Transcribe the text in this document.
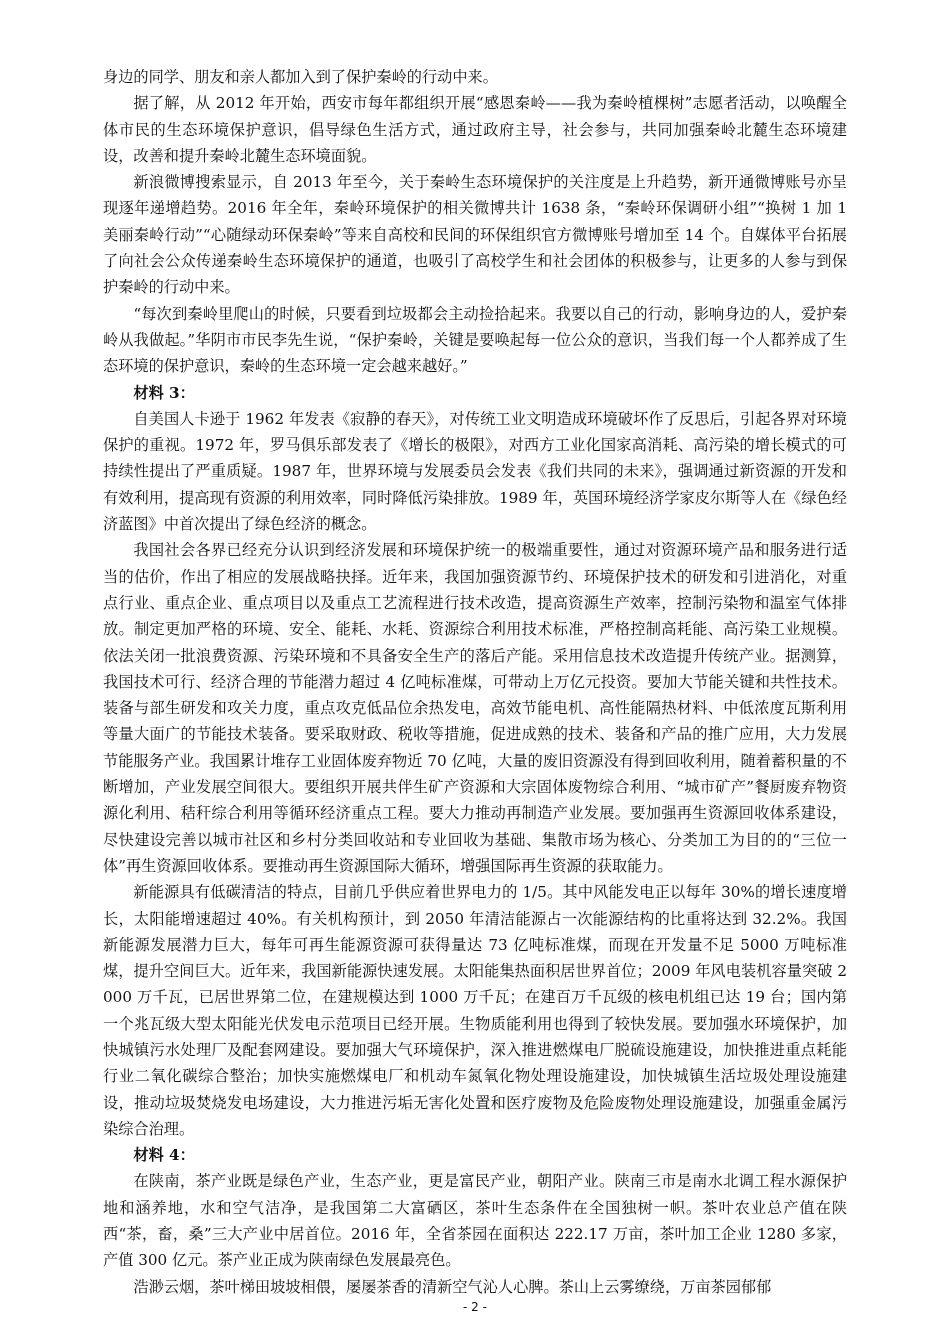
身边的同学、朋友和亲人都加入到了保护秦岭的行动中来。

据了解，从 2012 年开始，西安市每年都组织开展“感恩秦岭——我为秦岭植棵树”志愿者活动，以唤醒全体市民的生态环境保护意识，倡导绿色生活方式，通过政府主导，社会参与，共同加强秦岭北麓生态环境建设，改善和提升秦岭北麓生态环境面貌。

新浪微博搜索显示，自 2013 年至今，关于秦岭生态环境保护的关注度是上升趋势，新开通微博账号亦呈现逐年递增趋势。2016 年全年，秦岭环境保护的相关微博共计 1638 条，“秦岭环保调研小组”“换树 1 加 1 美丽秦岭行动”“心随绿动环保秦岭”等来自高校和民间的环保组织官方微博账号增加至 14 个。自媒体平台拓展了向社会公众传递秦岭生态环境保护的通道，也吸引了高校学生和社会团体的积极参与，让更多的人参与到保护秦岭的行动中来。

“每次到秦岭里爬山的时候，只要看到垃圾都会主动捡拾起来。我要以自己的行动，影响身边的人，爱护秦岭从我做起。”华阴市市民李先生说，“保护秦岭，关键是要唤起每一位公众的意识，当我们每一个人都养成了生态环境的保护意识，秦岭的生态环境一定会越来越好。”

材料 3：

自美国人卡逊于 1962 年发表《寂静的春天》，对传统工业文明造成环境破坏作了反思后，引起各界对环境保护的重视。1972 年，罗马俱乐部发表了《增长的极限》，对西方工业化国家高消耗、高污染的增长模式的可持续性提出了严重质疑。1987 年，世界环境与发展委员会发表《我们共同的未来》，强调通过新资源的开发和有效利用，提高现有资源的利用效率，同时降低污染排放。1989 年，英国环境经济学家皮尔斯等人在《绿色经济蓝图》中首次提出了绿色经济的概念。

我国社会各界已经充分认识到经济发展和环境保护统一的极端重要性，通过对资源环境产品和服务进行适当的估价，作出了相应的发展战略抉择。近年来，我国加强资源节约、环境保护技术的研发和引进消化，对重点行业、重点企业、重点项目以及重点工艺流程进行技术改造，提高资源生产效率，控制污染物和温室气体排放。制定更加严格的环境、安全、能耗、水耗、资源综合利用技术标准，严格控制高耗能、高污染工业规模。依法关闭一批浪费资源、污染环境和不具备安全生产的落后产能。采用信息技术改造提升传统产业。据测算，我国技术可行、经济合理的节能潜力超过 4 亿吨标准煤，可带动上万亿元投资。要加大节能关键和共性技术。装备与部生研发和攻关力度，重点攻克低品位余热发电，高效节能电机、高性能隔热材料、中低浓度瓦斯利用等量大面广的节能技术装备。要采取财政、税收等措施，促进成熟的技术、装备和产品的推广应用，大力发展节能服务产业。我国累计堆存工业固体废弃物近 70 亿吨，大量的废旧资源没有得到回收利用，随着蓄积量的不断增加，产业发展空间很大。要组织开展共伴生矿产资源和大宗固体废物综合利用、“城市矿产”餐厨废弃物资源化利用、秸秆综合利用等循环经济重点工程。要大力推动再制造产业发展。要加强再生资源回收体系建设，尽快建设完善以城市社区和乡村分类回收站和专业回收为基础、集散市场为核心、分类加工为目的的“三位一体”再生资源回收体系。要推动再生资源国际大循环，增强国际再生资源的获取能力。

新能源具有低碳清洁的特点，目前几乎供应着世界电力的 1/5。其中风能发电正以每年 30%的增长速度增长，太阳能增速超过 40%。有关机构预计，到 2050 年清洁能源占一次能源结构的比重将达到 32.2%。我国新能源发展潜力巨大，每年可再生能源资源可获得量达 73 亿吨标准煤，而现在开发量不足 5000 万吨标准煤，提升空间巨大。近年来，我国新能源快速发展。太阳能集热面积居世界首位；2009 年风电装机容量突破 2000 万千瓦，已居世界第二位，在建规模达到 1000 万千瓦；在建百万千瓦级的核电机组已达 19 台；国内第一个兆瓦级大型太阳能光伏发电示范项目已经开展。生物质能利用也得到了较快发展。要加强水环境保护，加快城镇污水处理厂及配套网建设。要加强大气环境保护，深入推进燃煤电厂脱硫设施建设，加快推进重点耗能行业二氧化碳综合整治；加快实施燃煤电厂和机动车氮氧化物处理设施建设，加快城镇生活垃圾处理设施建设，推动垃圾焚烧发电场建设，大力推进污垢无害化处置和医疗废物及危险废物处理设施建设，加强重金属污染综合治理。

材料 4：

在陕南，茶产业既是绿色产业，生态产业，更是富民产业，朝阳产业。陕南三市是南水北调工程水源保护地和涵养地，水和空气洁净，是我国第二大富硒区，茶叶生态条件在全国独树一帜。茶叶农业总产值在陕西“茶，畜，桑”三大产业中居首位。2016 年，全省茶园在面积达 222.17 万亩，茶叶加工企业 1280 多家，产值 300 亿元。茶产业正成为陕南绿色发展最亮色。

浩渺云烟，茶叶梯田坡坡相偎，屡屡茶香的清新空气沁人心脾。茶山上云雾缭绕，万亩茶园郁郁

- 2 -
